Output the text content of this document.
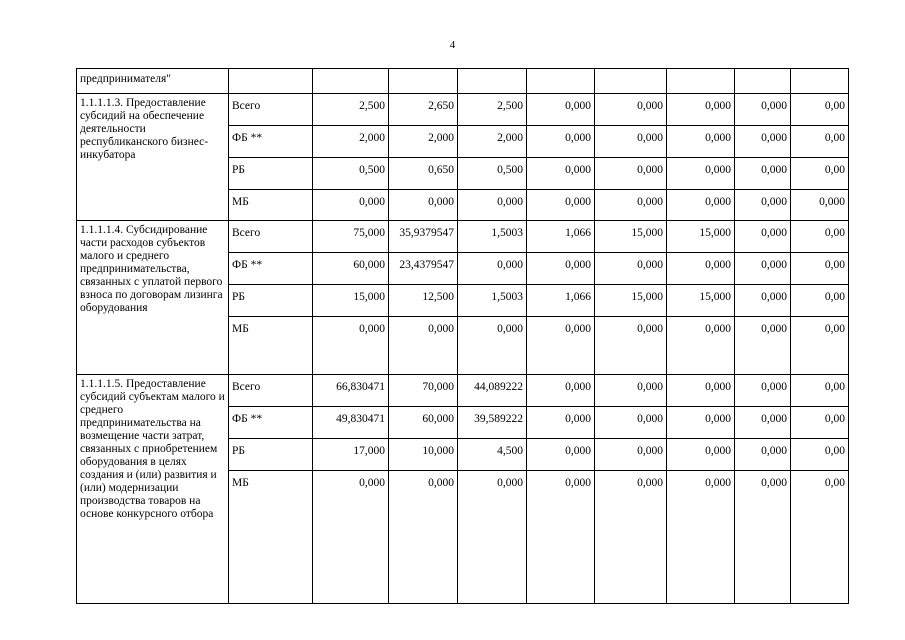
4
предпринимателя"									
1.1.1.1.3. Предоставление субсидий на обеспечение деятельности республиканского бизнес-инкубатора	Всего	2,500	2,650	2,500	0,000	0,000	0,000	0,000	0,00
	ФБ **	2,000	2,000	2,000	0,000	0,000	0,000	0,000	0,00
	РБ	0,500	0,650	0,500	0,000	0,000	0,000	0,000	0,00
	МБ	0,000	0,000	0,000	0,000	0,000	0,000	0,000	0,000
1.1.1.1.4. Субсидирование части расходов субъектов малого и среднего предпринимательства, связанных с уплатой первого взноса по договорам лизинга оборудования	Всего	75,000	35,9379547	1,5003	1,066	15,000	15,000	0,000	0,00
	ФБ **	60,000	23,4379547	0,000	0,000	0,000	0,000	0,000	0,00
	РБ	15,000	12,500	1,5003	1,066	15,000	15,000	0,000	0,00
	МБ	0,000	0,000	0,000	0,000	0,000	0,000	0,000	0,00
1.1.1.1.5. Предоставление субсидий субъектам малого и среднего предпринимательства на возмещение части затрат, связанных с приобретением оборудования в целях создания и (или) развития и (или) модернизации производства товаров на основе конкурсного отбора	Всего	66,830471	70,000	44,089222	0,000	0,000	0,000	0,000	0,00
	ФБ **	49,830471	60,000	39,589222	0,000	0,000	0,000	0,000	0,00
	РБ	17,000	10,000	4,500	0,000	0,000	0,000	0,000	0,00
	МБ	0,000	0,000	0,000	0,000	0,000	0,000	0,000	0,00
